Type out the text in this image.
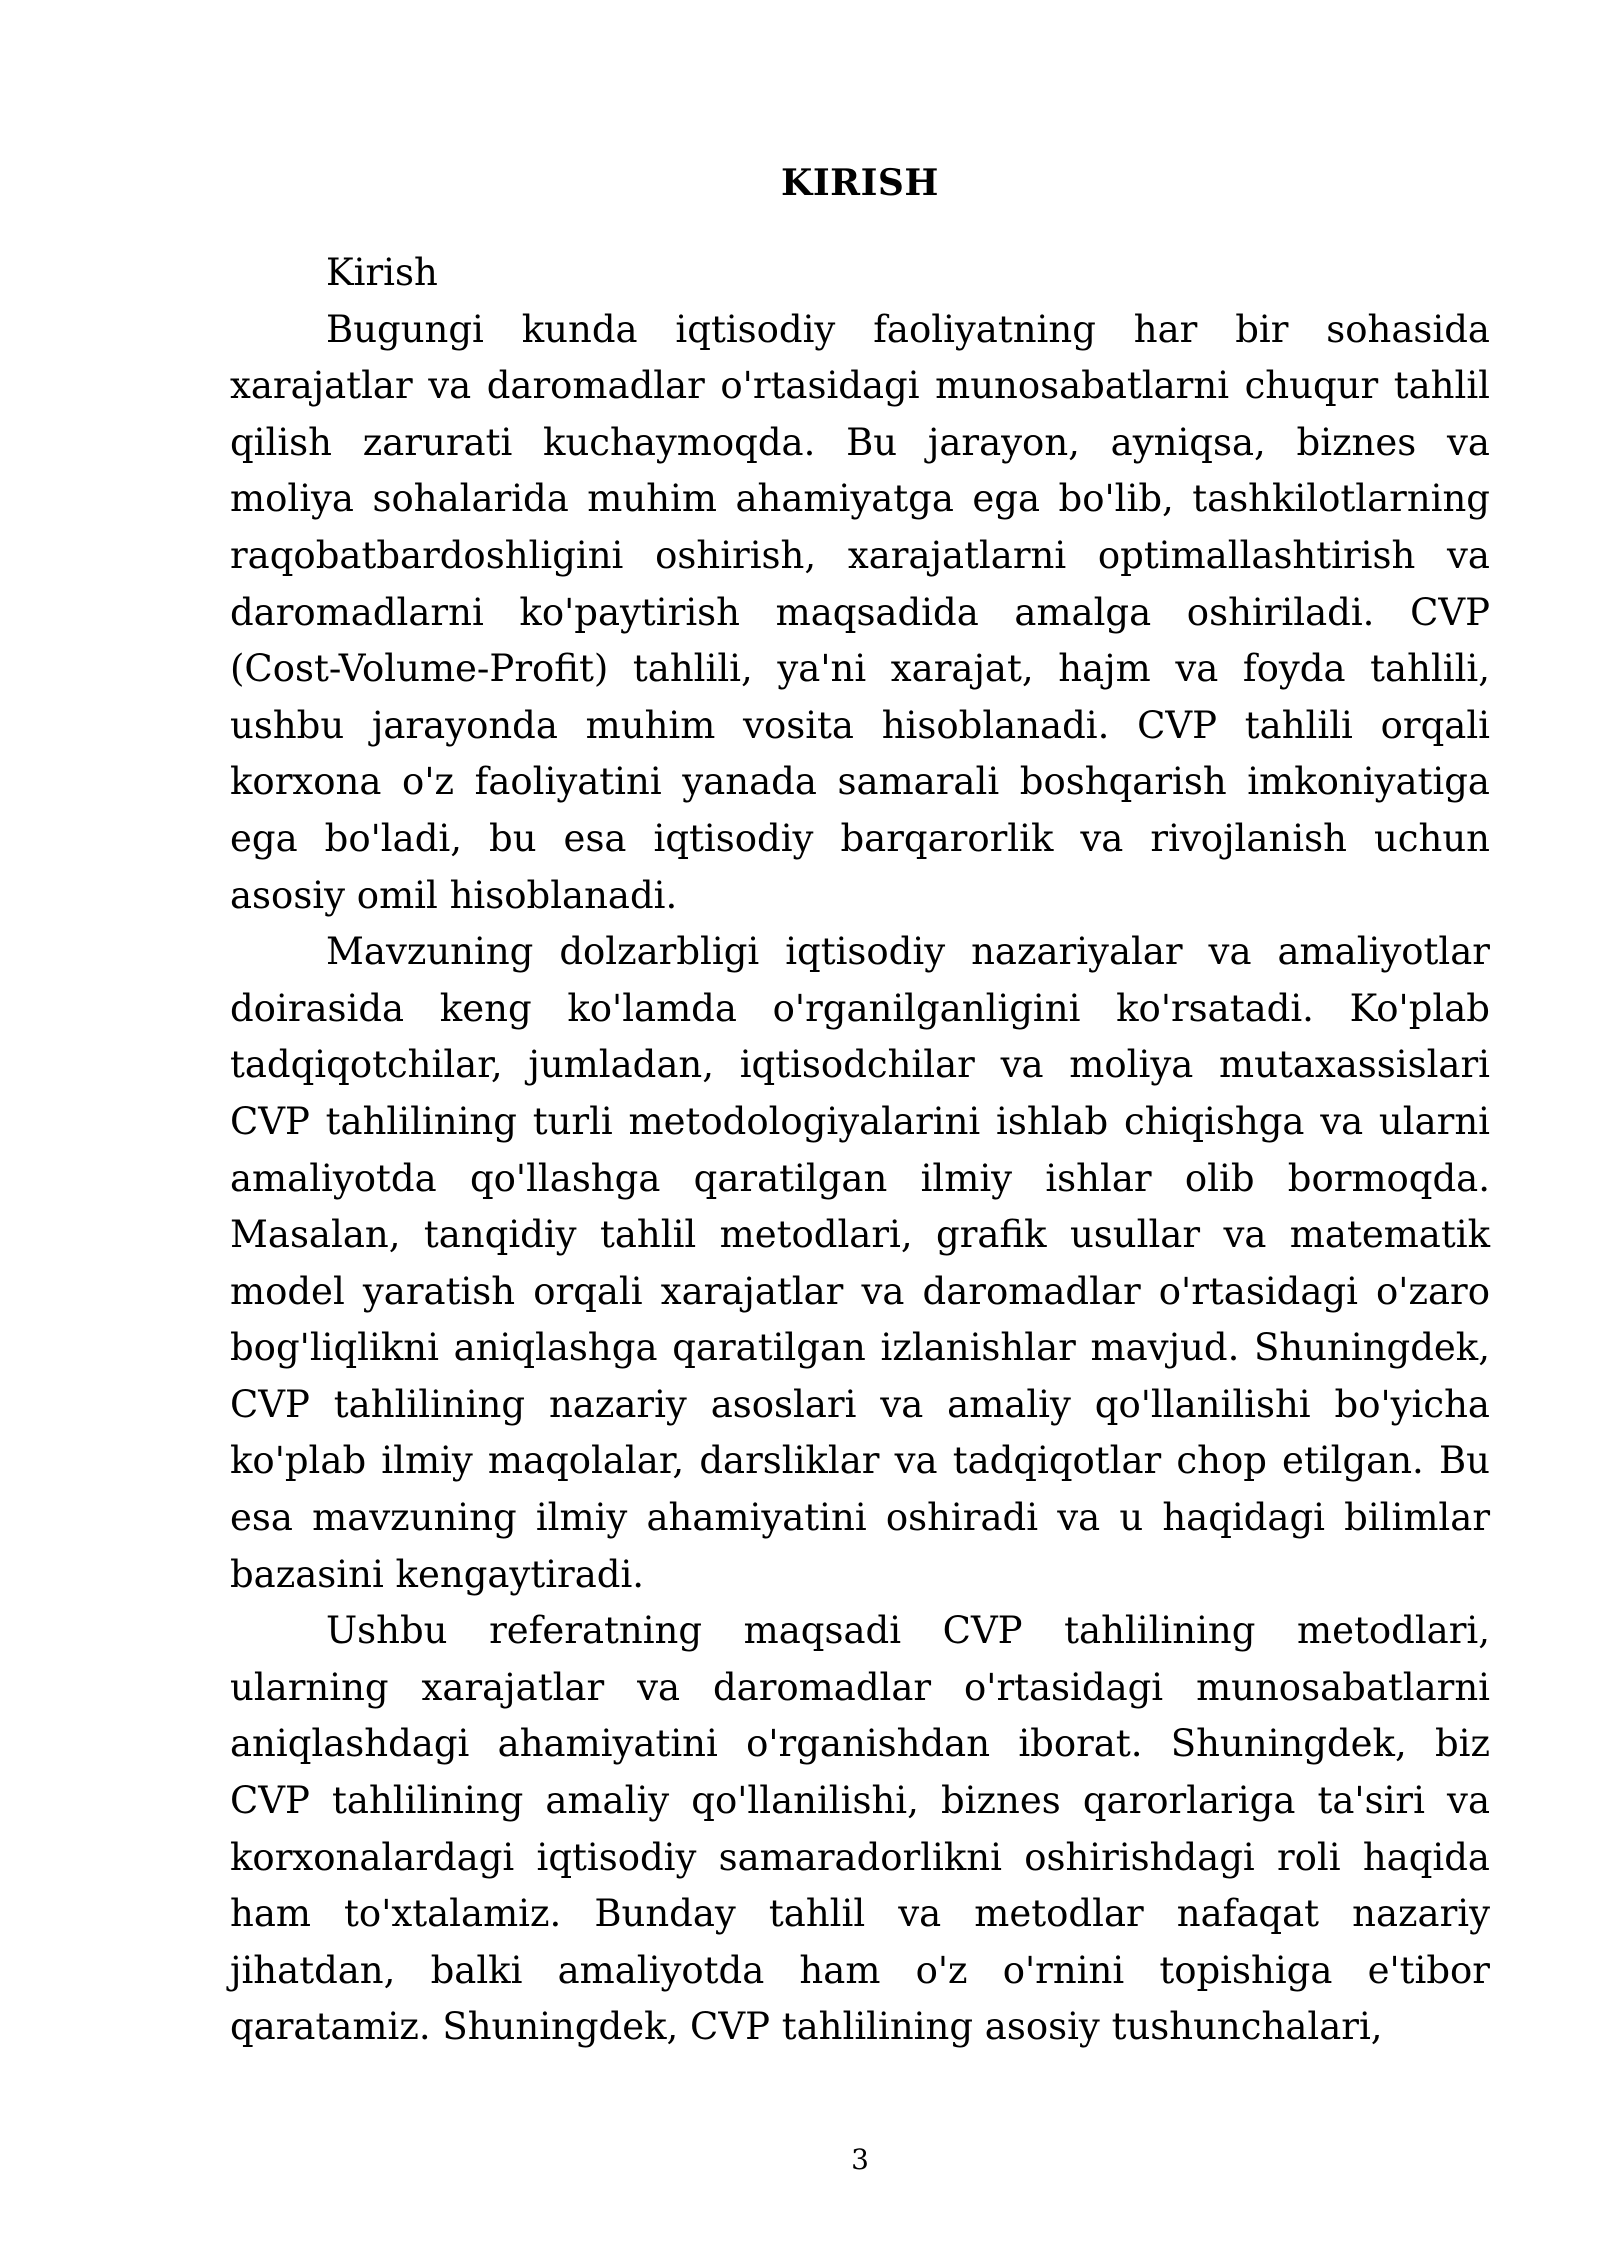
KIRISH

Kirish

Bugungi kunda iqtisodiy faoliyatning har bir sohasida xarajatlar va daromadlar o'rtasidagi munosabatlarni chuqur tahlil qilish zarurati kuchaymoqda. Bu jarayon, ayniqsa, biznes va moliya sohalarida muhim ahamiyatga ega bo'lib, tashkilotlarning raqobatbardoshligini oshirish, xarajatlarni optimallashtirish va daromadlarni ko'paytirish maqsadida amalga oshiriladi. CVP (Cost-Volume-Profit) tahlili, ya'ni xarajat, hajm va foyda tahlili, ushbu jarayonda muhim vosita hisoblanadi. CVP tahlili orqali korxona o'z faoliyatini yanada samarali boshqarish imkoniyatiga ega bo'ladi, bu esa iqtisodiy barqarorlik va rivojlanish uchun asosiy omil hisoblanadi.

Mavzuning dolzarbligi iqtisodiy nazariyalar va amaliyotlar doirasida keng ko'lamda o'rganilganligini ko'rsatadi. Ko'plab tadqiqotchilar, jumladan, iqtisodchilar va moliya mutaxassislari CVP tahlilining turli metodologiyalarini ishlab chiqishga va ularni amaliyotda qo'llashga qaratilgan ilmiy ishlar olib bormoqda. Masalan, tanqidiy tahlil metodlari, grafik usullar va matematik model yaratish orqali xarajatlar va daromadlar o'rtasidagi o'zaro bog'liqlikni aniqlashga qaratilgan izlanishlar mavjud. Shuningdek, CVP tahlilining nazariy asoslari va amaliy qo'llanilishi bo'yicha ko'plab ilmiy maqolalar, darsliklar va tadqiqotlar chop etilgan. Bu esa mavzuning ilmiy ahamiyatini oshiradi va u haqidagi bilimlar bazasini kengaytiradi.

Ushbu referatning maqsadi CVP tahlilining metodlari, ularning xarajatlar va daromadlar o'rtasidagi munosabatlarni aniqlashdagi ahamiyatini o'rganishdan iborat. Shuningdek, biz CVP tahlilining amaliy qo'llanilishi, biznes qarorlariga ta'siri va korxonalardagi iqtisodiy samaradorlikni oshirishdagi roli haqida ham to'xtalamiz. Bunday tahlil va metodlar nafaqat nazariy jihatdan, balki amaliyotda ham o'z o'rnini topishiga e'tibor qaratamiz. Shuningdek, CVP tahlilining asosiy tushunchalari,

3
